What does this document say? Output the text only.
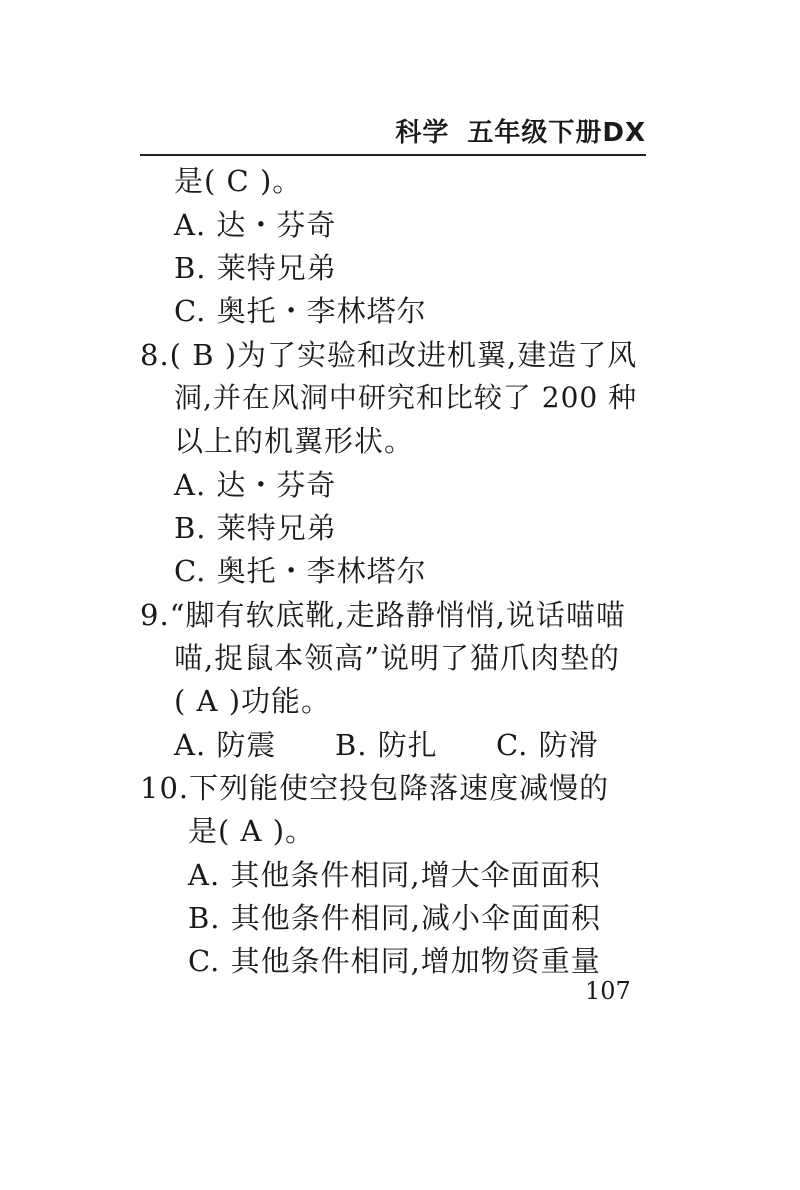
科学 五年级下册DX
是( C )。
A. 达・芬奇
B. 莱特兄弟
C. 奥托・李林塔尔
8.( B )为了实验和改进机翼,建造了风
洞,并在风洞中研究和比较了 200 种
以上的机翼形状。
A. 达・芬奇
B. 莱特兄弟
C. 奥托・李林塔尔
9.“脚有软底靴,走路静悄悄,说话喵喵
喵,捉鼠本领高”说明了猫爪肉垫的
( A )功能。
A. 防震 B. 防扎 C. 防滑
10.下列能使空投包降落速度减慢的
是( A )。
A. 其他条件相同,增大伞面面积
B. 其他条件相同,减小伞面面积
C. 其他条件相同,增加物资重量
107
